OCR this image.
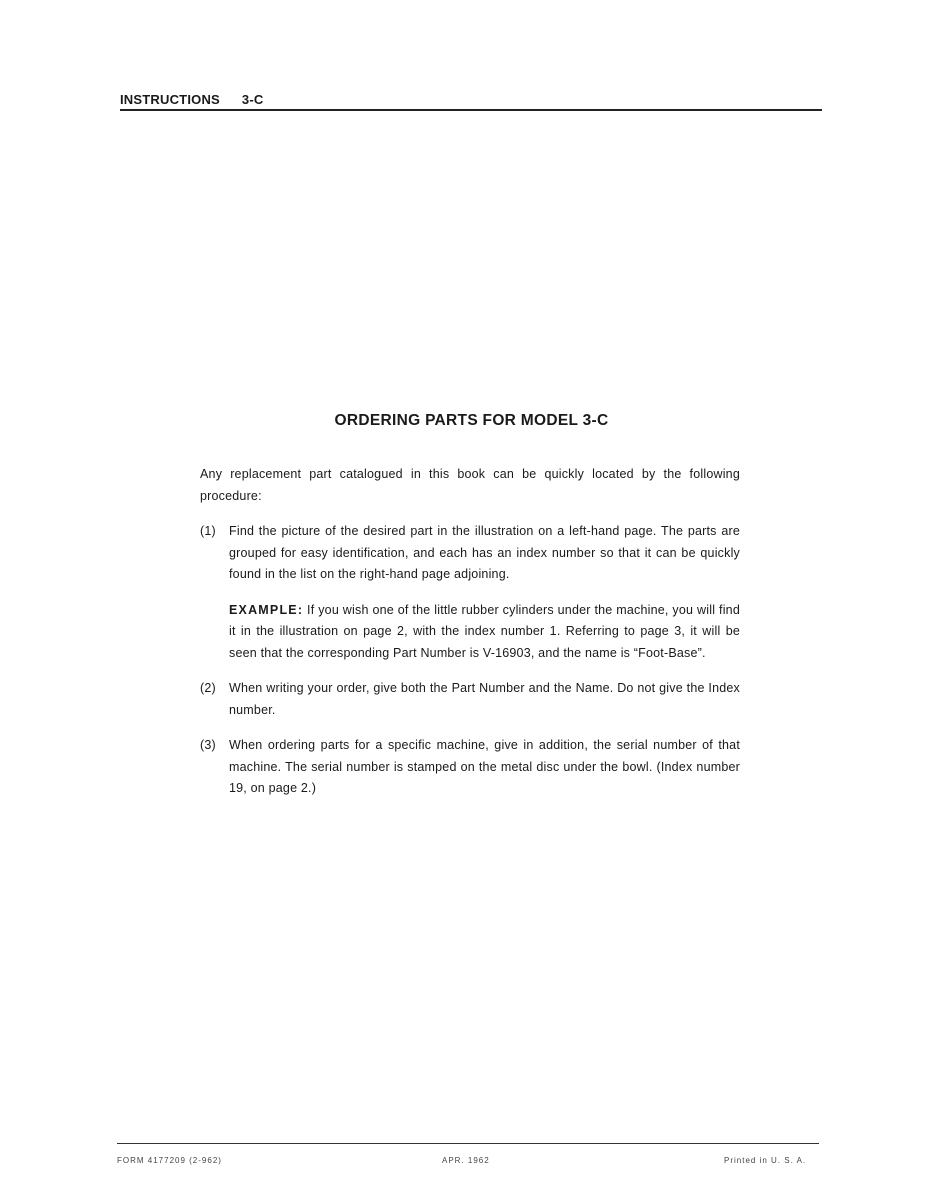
INSTRUCTIONS 3-C
ORDERING PARTS FOR MODEL 3-C

Any replacement part catalogued in this book can be quickly located by the following procedure:

(1) Find the picture of the desired part in the illustration on a left-hand page. The parts are grouped for easy identification, and each has an index number so that it can be quickly found in the list on the right-hand page adjoining.

EXAMPLE: If you wish one of the little rubber cylinders under the machine, you will find it in the illustration on page 2, with the index number 1. Referring to page 3, it will be seen that the corresponding Part Number is V-16903, and the name is “Foot-Base”.

(2) When writing your order, give both the Part Number and the Name. Do not give the Index number.

(3) When ordering parts for a specific machine, give in addition, the serial number of that machine. The serial number is stamped on the metal disc under the bowl. (Index number 19, on page 2.)

FORM 4177209 (2-962)	APR. 1962	Printed in U. S. A.
